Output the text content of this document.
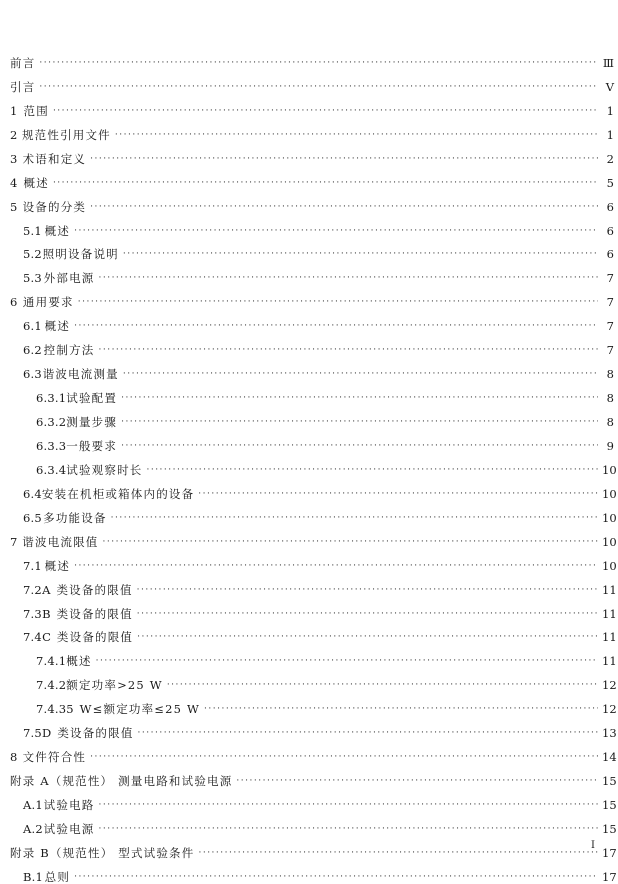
前言 ·····	Ⅲ
引言 ·····	Ⅴ
1 范围 ·····	1
2 规范性引用文件 ·····	1
3 术语和定义 ·····	2
4 概述 ·····	5
5 设备的分类 ·····	6
5.1 概述 ·····	6
5.2 照明设备说明 ·····	6
5.3 外部电源 ·····	7
6 通用要求 ·····	7
6.1 概述 ·····	7
6.2 控制方法 ·····	7
6.3 谐波电流测量 ·····	8
6.3.1 试验配置 ·····	8
6.3.2 测量步骤 ·····	8
6.3.3 一般要求 ·····	9
6.3.4 试验观察时长 ·····	10
6.4 安装在机柜或箱体内的设备 ·····	10
6.5 多功能设备 ·····	10
7 谐波电流限值 ·····	10
7.1 概述 ·····	10
7.2 A 类设备的限值 ·····	11
7.3 B 类设备的限值 ·····	11
7.4 C 类设备的限值 ·····	11
7.4.1 概述 ·····	11
7.4.2 额定功率>25 W ·····	12
7.4.3 5 W≤额定功率≤25 W ·····	12
7.5 D 类设备的限值 ·····	13
8 文件符合性 ·····	14
附录 A（规范性） 测量电路和试验电源 ·····	15
A.1 试验电路 ·····	15
A.2 试验电源 ·····	15
附录 B（规范性） 型式试验条件 ·····	17
B.1 总则 ·····	17
I
